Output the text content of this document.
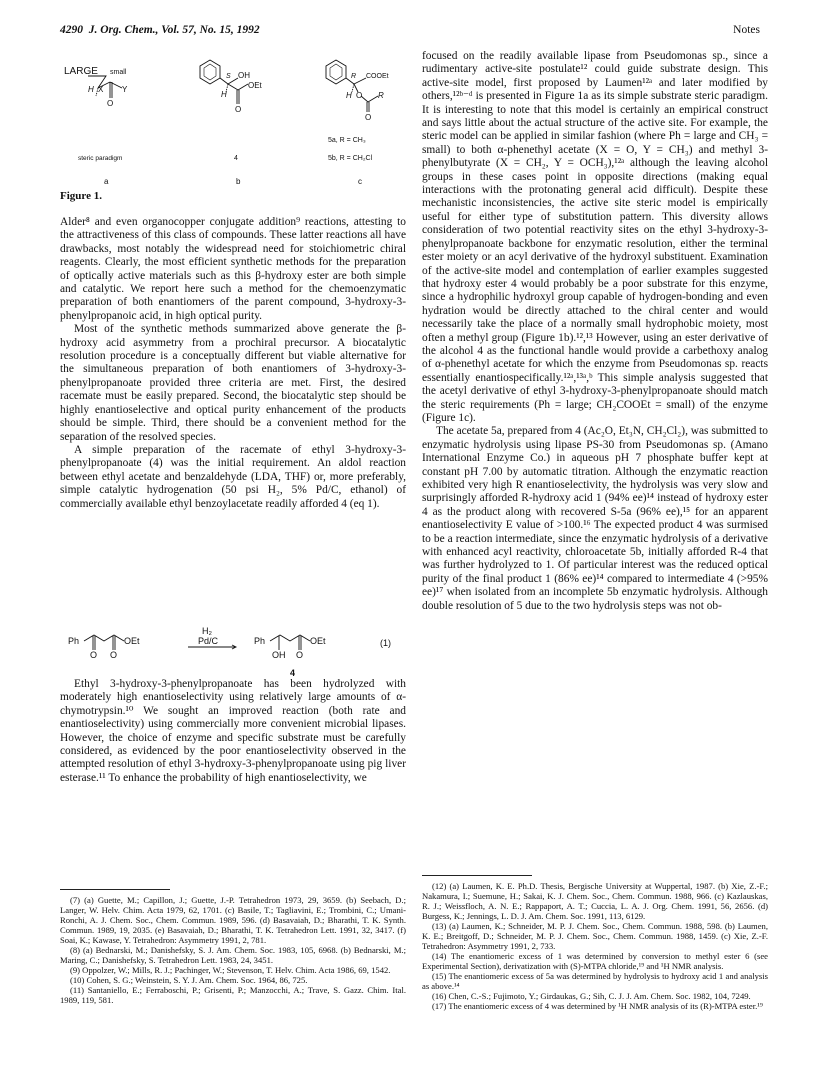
4290 J. Org. Chem., Vol. 57, No. 15, 1992	Notes
LARGE small
H X Y
O
steric paradigm
a
S OH
H
OEt
O
4
b
R COOEt
H O R
O
5a, R = CH₃
5b, R = CH₂Cl
c
Figure 1.

Alder⁸ and even organocopper conjugate addition⁹ reactions, attesting to the attractiveness of this class of compounds. These latter reactions all have drawbacks, most notably the widespread need for stoichiometric chiral reagents. Clearly, the most efficient synthetic methods for the preparation of optically active materials such as this β-hydroxy ester are both simple and catalytic. We report here such a method for the chemoenzymatic preparation of both enantiomers of the parent compound, 3-hydroxy-3-phenylpropanoic acid, in high optical purity.

Most of the synthetic methods summarized above generate the β-hydroxy acid asymmetry from a prochiral precursor. A biocatalytic resolution procedure is a conceptually different but viable alternative for the simultaneous preparation of both enantiomers of 3-hydroxy-3-phenylpropanoate provided three criteria are met. First, the desired racemate must be easily prepared. Second, the biocatalytic step should be highly enantioselective and optical purity enhancement of the products should be simple. Third, there should be a convenient method for the separation of the resolved species.

A simple preparation of the racemate of ethyl 3-hydroxy-3-phenylpropanoate (4) was the initial requirement. An aldol reaction between ethyl acetate and benzaldehyde (LDA, THF) or, more preferably, simple catalytic hydrogenation (50 psi H₂, 5% Pd/C, ethanol) of commercially available ethyl benzoylacetate readily afforded 4 (eq 1).

Ph	OEt
O O
H₂
Pd/C	Ph	OEt
OH O
(1)
4

Ethyl 3-hydroxy-3-phenylpropanoate has been hydrolyzed with moderately high enantioselectivity using relatively large amounts of α-chymotrypsin.¹⁰ We sought an improved reaction (both rate and enantioselectivity) using commercially more convenient microbial lipases. However, the choice of enzyme and specific substrate must be carefully considered, as evidenced by the poor enantioselectivity observed in the attempted resolution of ethyl 3-hydroxy-3-phenylpropanoate using pig liver esterase.¹¹ To enhance the probability of high enantioselectivity, we

(7) (a) Guette, M.; Capillon, J.; Guette, J.-P. Tetrahedron 1973, 29, 3659. (b) Seebach, D.; Langer, W. Helv. Chim. Acta 1979, 62, 1701. (c) Basile, T.; Tagliavini, E.; Trombini, C.; Umani-Ronchi, A. J. Chem. Soc., Chem. Commun. 1989, 596. (d) Basavaiah, D.; Bharathi, T. K. Synth. Commun. 1989, 19, 2035. (e) Basavaiah, D.; Bharathi, T. K. Tetrahedron Lett. 1991, 32, 3417. (f) Soai, K.; Kawase, Y. Tetrahedron: Asymmetry 1991, 2, 781.

(8) (a) Bednarski, M.; Danishefsky, S. J. Am. Chem. Soc. 1983, 105, 6968. (b) Bednarski, M.; Maring, C.; Danishefsky, S. Tetrahedron Lett. 1983, 24, 3451.

(9) Oppolzer, W.; Mills, R. J.; Pachinger, W.; Stevenson, T. Helv. Chim. Acta 1986, 69, 1542.

(10) Cohen, S. G.; Weinstein, S. Y. J. Am. Chem. Soc. 1964, 86, 725.

(11) Santaniello, E.; Ferraboschi, P.; Grisenti, P.; Manzocchi, A.; Trave, S. Gazz. Chim. Ital. 1989, 119, 581.

focused on the readily available lipase from Pseudomonas sp., since a rudimentary active-site postulate¹² could guide substrate design. This active-site model, first proposed by Laumen¹²ᵃ and later modified by others,¹²ᵇ⁻ᵈ is presented in Figure 1a as its simple substrate steric paradigm. It is interesting to note that this model is certainly an empirical construct and says little about the actual structure of the active site. For example, the steric model can be applied in similar fashion (where Ph = large and CH₃ = small) to both α-phenethyl acetate (X = O, Y = CH₃) and methyl 3-phenylbutyrate (X = CH₂, Y = OCH₃),¹²ᵃ although the leaving alcohol groups in these cases point in opposite directions (making equal interactions with the protonating general acid difficult). Despite these mechanistic inconsistencies, the active site steric model is empirically useful for either type of substitution pattern. This diversity allows consideration of two potential reactivity sites on the ethyl 3-hydroxy-3-phenylpropanoate backbone for enzymatic resolution, either the terminal ester moiety or an acyl derivative of the hydroxyl substituent. Examination of the active-site model and contemplation of earlier examples suggested that hydroxy ester 4 would probably be a poor substrate for this enzyme, since a hydrophilic hydroxyl group capable of hydrogen-bonding and even hydration would be directly attached to the chiral center and would necessarily take the place of a normally small hydrophobic moiety, most often a methyl group (Figure 1b).¹²,¹³ However, using an ester derivative of the alcohol 4 as the functional handle would provide a carbethoxy analog of α-phenethyl acetate for which the enzyme from Pseudomonas sp. reacts essentially enantiospecifically.¹²ᵃ,¹³ᵃ,ᵇ This simple analysis suggested that the acetyl derivative of ethyl 3-hydroxy-3-phenylpropanoate should match the steric requirements (Ph = large; CH₂COOEt = small) of the enzyme (Figure 1c).

The acetate 5a, prepared from 4 (Ac₂O, Et₃N, CH₂Cl₂), was submitted to enzymatic hydrolysis using lipase PS-30 from Pseudomonas sp. (Amano International Enzyme Co.) in aqueous pH 7 phosphate buffer kept at constant pH 7.00 by automatic titration. Although the enzymatic reaction exhibited very high R enantioselectivity, the hydrolysis was very slow and surprisingly afforded R-hydroxy acid 1 (94% ee)¹⁴ instead of hydroxy ester 4 as the product along with recovered S-5a (96% ee),¹⁵ for an apparent enantioselectivity E value of >100.¹⁶ The expected product 4 was surmised to be a reaction intermediate, since the enzymatic hydrolysis of a derivative with enhanced acyl reactivity, chloroacetate 5b, initially afforded R-4 that was further hydrolyzed to 1. Of particular interest was the reduced optical purity of the final product 1 (86% ee)¹⁴ compared to intermediate 4 (>95% ee)¹⁷ when isolated from an incomplete 5b enzymatic hydrolysis. Although double resolution of 5 due to the two hydrolysis steps was not ob-

(12) (a) Laumen, K. E. Ph.D. Thesis, Bergische University at Wuppertal, 1987. (b) Xie, Z.-F.; Nakamura, I.; Suemune, H.; Sakai, K. J. Chem. Soc., Chem. Commun. 1988, 966. (c) Kazlauskas, R. J.; Weissfloch, A. N. E.; Rappaport, A. T.; Cuccia, L. A. J. Org. Chem. 1991, 56, 2656. (d) Burgess, K.; Jennings, L. D. J. Am. Chem. Soc. 1991, 113, 6129.

(13) (a) Laumen, K.; Schneider, M. P. J. Chem. Soc., Chem. Commun. 1988, 598. (b) Laumen, K. E.; Breitgoff, D.; Schneider, M. P. J. Chem. Soc., Chem. Commun. 1988, 1459. (c) Xie, Z.-F. Tetrahedron: Asymmetry 1991, 2, 733.

(14) The enantiomeric excess of 1 was determined by conversion to methyl ester 6 (see Experimental Section), derivatization with (S)-MTPA chloride,¹⁹ and ¹H NMR analysis.

(15) The enantiomeric excess of 5a was determined by hydrolysis to hydroxy acid 1 and analysis as above.¹⁴

(16) Chen, C.-S.; Fujimoto, Y.; Girdaukas, G.; Sih, C. J. J. Am. Chem. Soc. 1982, 104, 7249.

(17) The enantiomeric excess of 4 was determined by ¹H NMR analysis of its (R)-MTPA ester.¹⁹
